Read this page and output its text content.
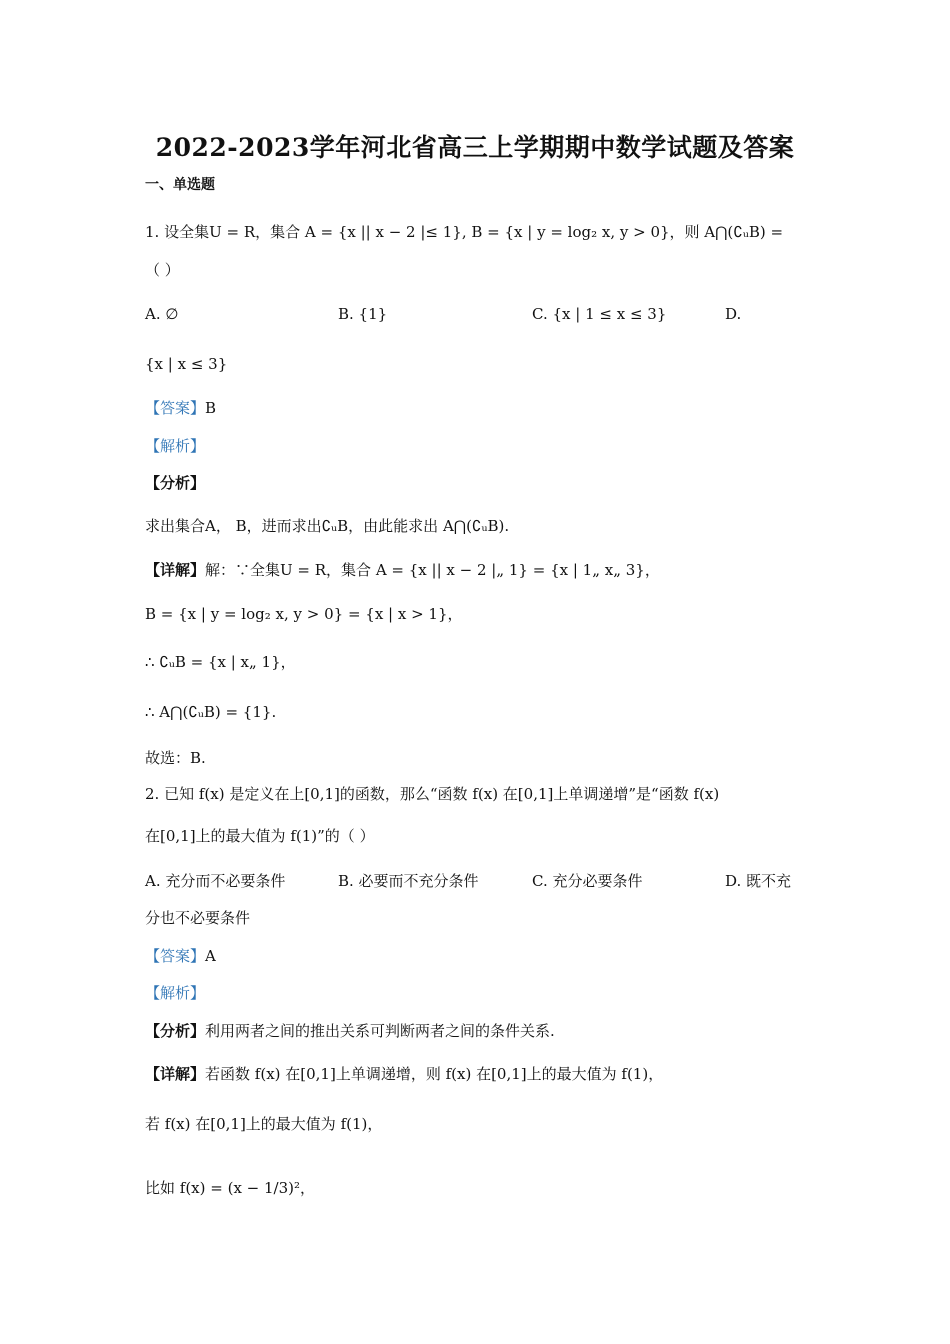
2022-2023学年河北省高三上学期期中数学试题及答案
一、单选题
1. 设全集U = R，集合 A = {x || x − 2 |≤ 1}, B = {x | y = log₂ x, y > 0}，则 A⋂(∁ᵤB) =
（ ）
A. ∅	B. {1}	C. {x | 1 ≤ x ≤ 3}	D.
{x | x ≤ 3}
【答案】B
【解析】
【分析】
求出集合A， B，进而求出∁ᵤB，由此能求出 A⋂(∁ᵤB).
【详解】解：∵全集U = R，集合 A = {x || x − 2 |„ 1} = {x | 1„ x„ 3}，
B = {x | y = log₂ x, y > 0} = {x | x > 1}，
∴ ∁ᵤB = {x | x„ 1}，
∴ A⋂(∁ᵤB) = {1}.
故选：B.
2. 已知 f(x) 是定义在上[0,1]的函数，那么“函数 f(x) 在[0,1]上单调递增”是“函数 f(x)
在[0,1]上的最大值为 f(1)”的（ ）
A. 充分而不必要条件	B. 必要而不充分条件	C. 充分必要条件	D. 既不充
分也不必要条件
【答案】A
【解析】
【分析】利用两者之间的推出关系可判断两者之间的条件关系.
【详解】若函数 f(x) 在[0,1]上单调递增，则 f(x) 在[0,1]上的最大值为 f(1)，
若 f(x) 在[0,1]上的最大值为 f(1)，
比如 f(x) = (x − 1/3)²，
